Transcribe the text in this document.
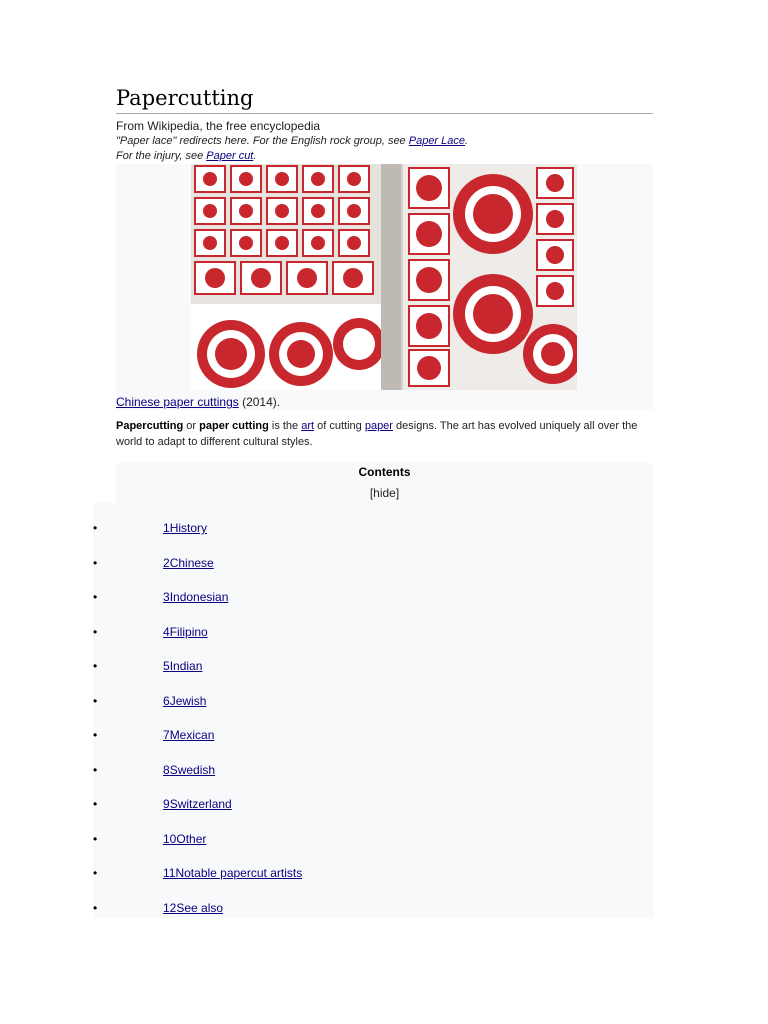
Papercutting
From Wikipedia, the free encyclopedia
"Paper lace" redirects here. For the English rock group, see Paper Lace.
For the injury, see Paper cut.
Chinese paper cuttings (2014).
Papercutting or paper cutting is the art of cutting paper designs. The art has evolved uniquely all over the world to adapt to different cultural styles.
Contents
[hide]
•	1History
•	2Chinese
•	3Indonesian
•	4Filipino
•	5Indian
•	6Jewish
•	7Mexican
•	8Swedish
•	9Switzerland
•	10Other
•	11Notable papercut artists
•	12See also
